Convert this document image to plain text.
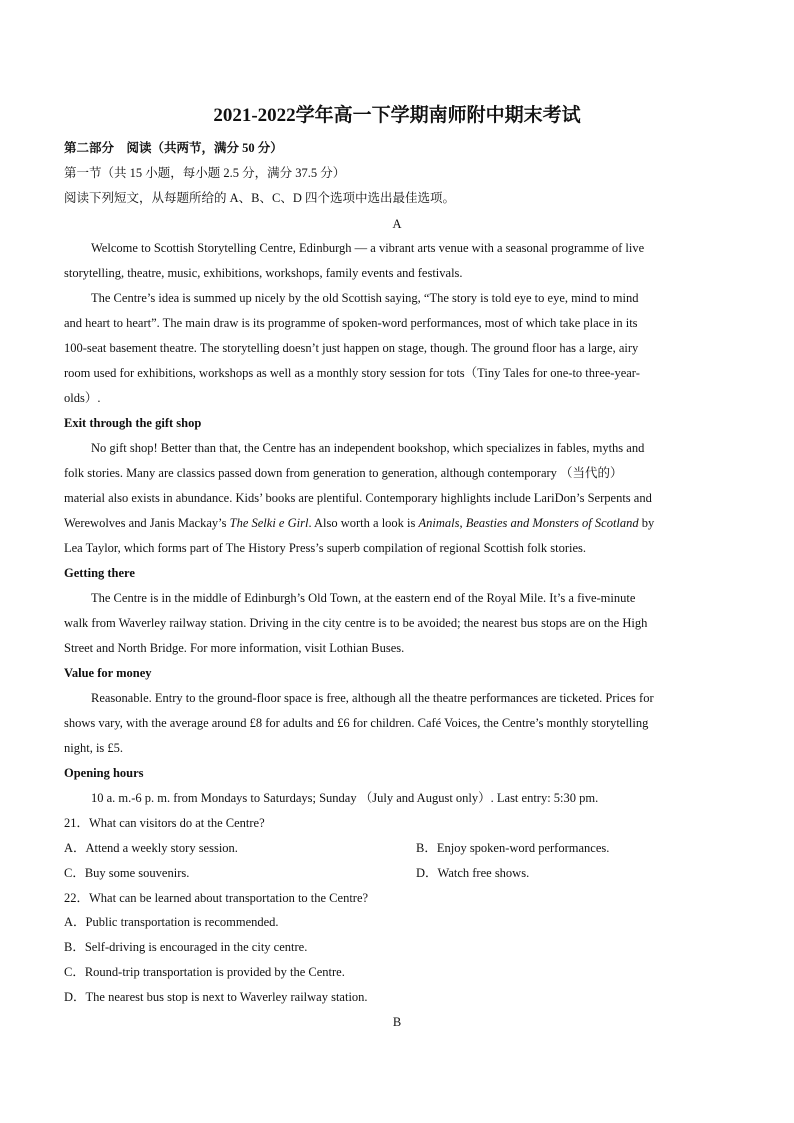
2021-2022学年高一下学期南师附中期末考试
第二部分　阅读（共两节，满分 50 分）
第一节（共 15 小题，每小题 2.5 分，满分 37.5 分）
阅读下列短文，从每题所给的 A、B、C、D 四个选项中选出最佳选项。
A
Welcome to Scottish Storytelling Centre, Edinburgh — a vibrant arts venue with a seasonal programme of live
storytelling, theatre, music, exhibitions, workshops, family events and festivals.
The Centre’s idea is summed up nicely by the old Scottish saying, “The story is told eye to eye, mind to mind
and heart to heart”. The main draw is its programme of spoken-word performances, most of which take place in its
100-seat basement theatre. The storytelling doesn’t just happen on stage, though. The ground floor has a large, airy
room used for exhibitions, workshops as well as a monthly story session for tots（Tiny Tales for one-to three-year-
olds）.
Exit through the gift shop
No gift shop! Better than that, the Centre has an independent bookshop, which specializes in fables, myths and
folk stories. Many are classics passed down from generation to generation, although contemporary （当代的）
material also exists in abundance. Kids’ books are plentiful. Contemporary highlights include LariDon’s Serpents and
Werewolves and Janis Mackay’s The Selki e Girl. Also worth a look is Animals, Beasties and Monsters of Scotland by
Lea Taylor, which forms part of The History Press’s superb compilation of regional Scottish folk stories.
Getting there
The Centre is in the middle of Edinburgh’s Old Town, at the eastern end of the Royal Mile. It’s a five-minute
walk from Waverley railway station. Driving in the city centre is to be avoided; the nearest bus stops are on the High
Street and North Bridge. For more information, visit Lothian Buses.
Value for money
Reasonable. Entry to the ground-floor space is free, although all the theatre performances are ticketed. Prices for
shows vary, with the average around £8 for adults and £6 for children. Café Voices, the Centre’s monthly storytelling
night, is £5.
Opening hours
10 a. m.-6 p. m. from Mondays to Saturdays; Sunday （July and August only）. Last entry: 5:30 pm.
21．What can visitors do at the Centre?
A．Attend a weekly story session.	B．Enjoy spoken-word performances.
C．Buy some souvenirs.	D．Watch free shows.
22．What can be learned about transportation to the Centre?
A．Public transportation is recommended.
B．Self-driving is encouraged in the city centre.
C．Round-trip transportation is provided by the Centre.
D．The nearest bus stop is next to Waverley railway station.
B
